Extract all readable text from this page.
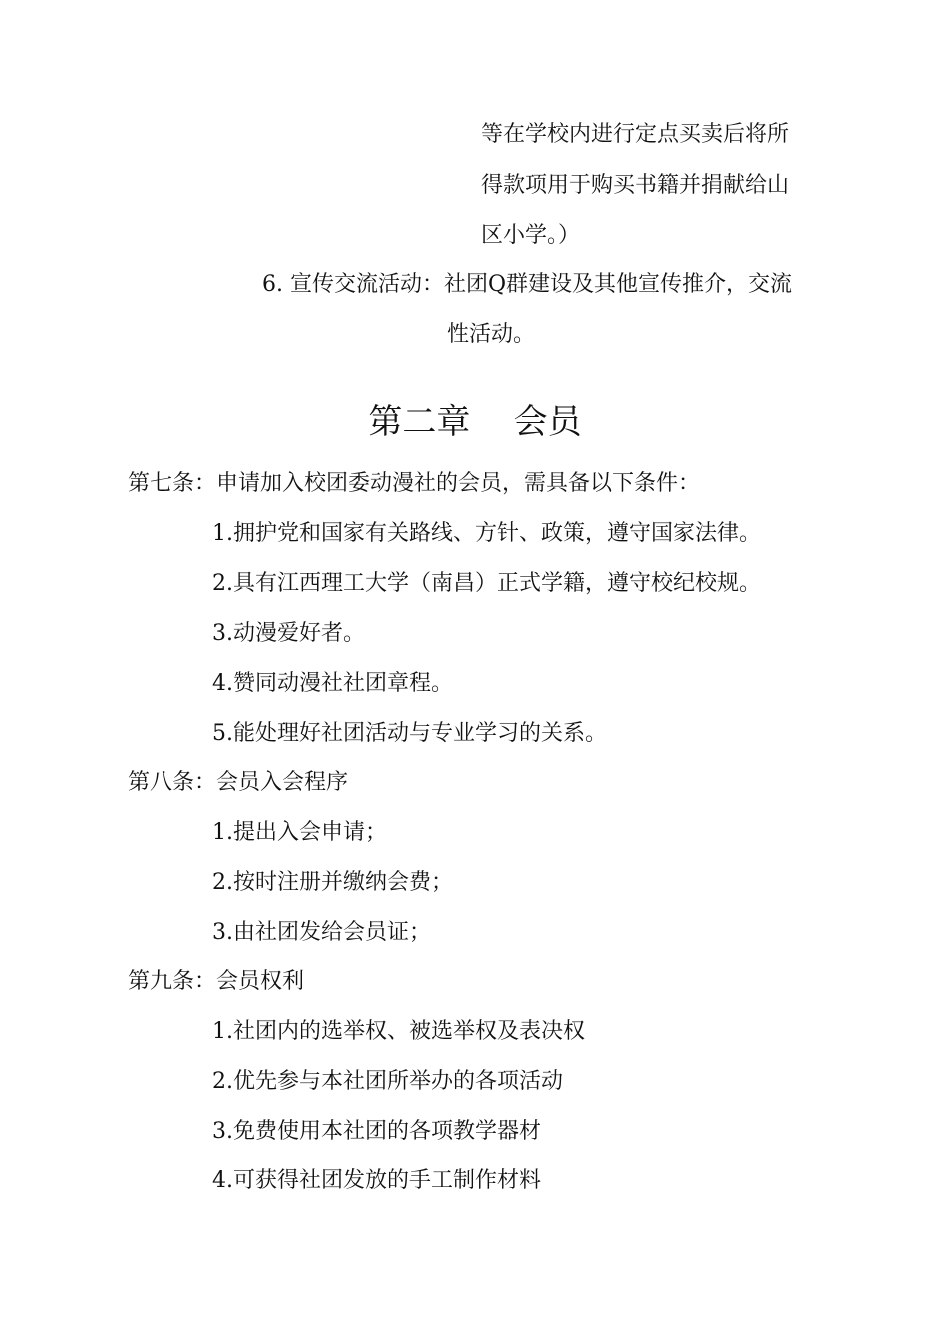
等在学校内进行定点买卖后将所
得款项用于购买书籍并捐献给山
区小学。）
6. 宣传交流活动：社团Q群建设及其他宣传推介，交流
性活动。
第二章    会员
第七条：申请加入校团委动漫社的会员，需具备以下条件：
1.拥护党和国家有关路线、方针、政策，遵守国家法律。
2.具有江西理工大学（南昌）正式学籍，遵守校纪校规。
3.动漫爱好者。
4.赞同动漫社社团章程。
5.能处理好社团活动与专业学习的关系。
第八条：会员入会程序
1.提出入会申请；
2.按时注册并缴纳会费；
3.由社团发给会员证；
第九条：会员权利
1.社团内的选举权、被选举权及表决权
2.优先参与本社团所举办的各项活动
3.免费使用本社团的各项教学器材
4.可获得社团发放的手工制作材料
